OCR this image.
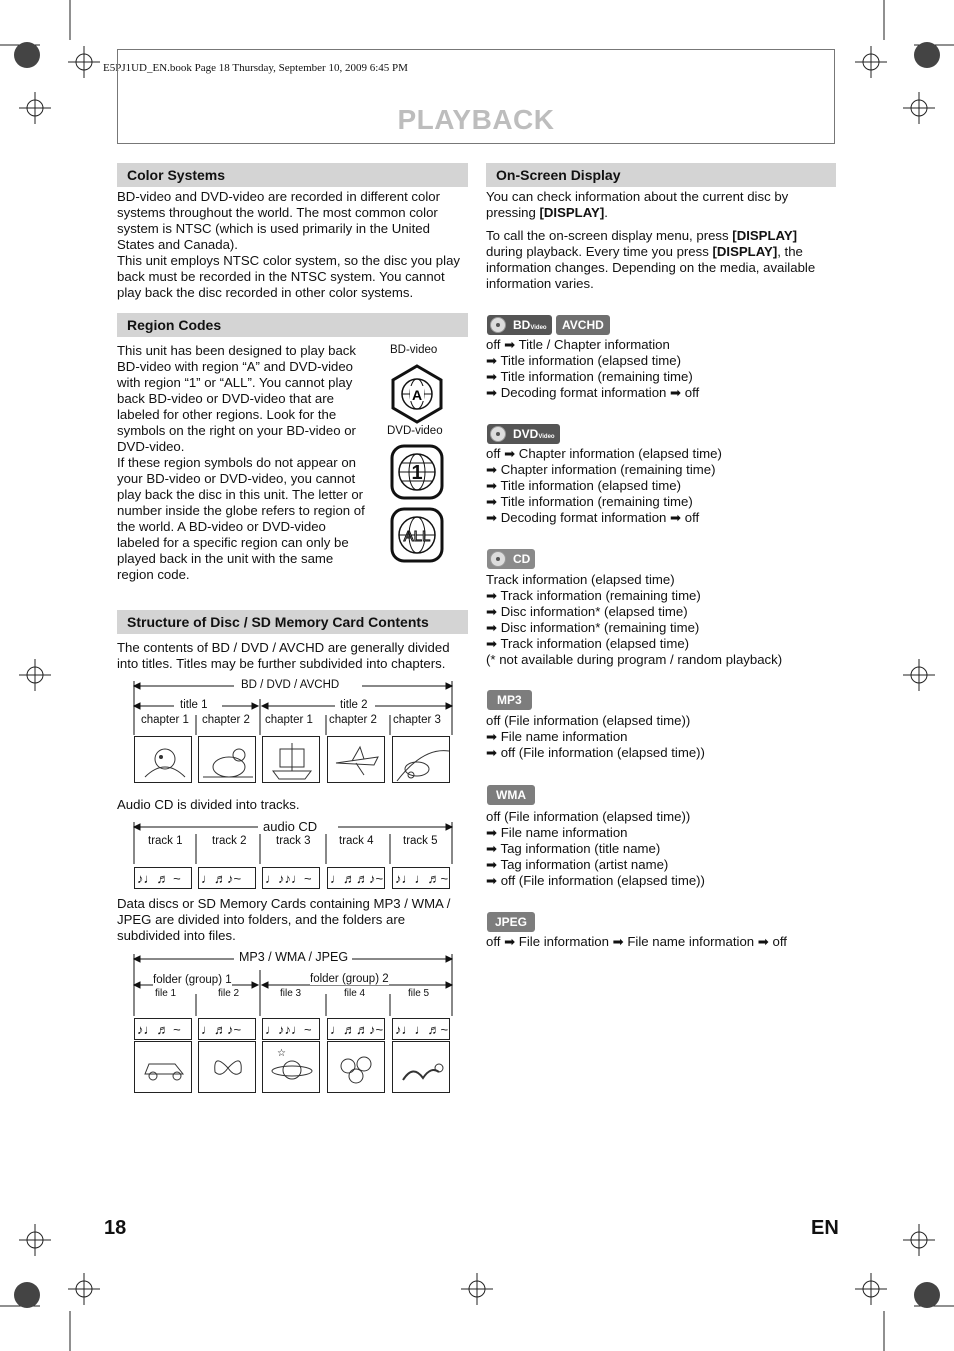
E5PJ1UD_EN.book Page 18 Thursday, September 10, 2009 6:45 PM
PLAYBACK
Color Systems

BD-video and DVD-video are recorded in different color systems throughout the world. The most common color system is NTSC (which is used primarily in the United States and Canada).

This unit employs NTSC color system, so the disc you play back must be recorded in the NTSC system. You cannot play back the disc recorded in other color systems.

Region Codes

This unit has been designed to play back BD-video with region “A” and DVD-video with region “1” or “ALL”. You cannot play back BD-video or DVD-video that are labeled for other regions. Look for the symbols on the right on your BD-video or DVD-video.

If these region symbols do not appear on your BD-video or DVD-video, you cannot play back the disc in this unit. The letter or number inside the globe refers to region of the world. A BD-video or DVD-video labeled for a specific region can only be played back in the unit with the same region code.

BD-video
A
DVD-video
1
ALL
Structure of Disc / SD Memory Card Contents
The contents of BD / DVD / AVCHD are generally divided into titles. Titles may be further subdivided into chapters.
BD / DVD / AVCHD
title 1	title 2
chapter 1 chapter 2 chapter 1 chapter 2 chapter 3
Audio CD is divided into tracks.
audio CD
track 1	track 2	track 3 track 4	track 5
♪♩♬ ~	♩♬♪~	♩♪♪♩~	♩♬♬♪~ ♪♩♩♬~
Data discs or SD Memory Cards containing MP3 / WMA / JPEG are divided into folders, and the folders are subdivided into files.
MP3 / WMA / JPEG
folder (group) 1	folder (group) 2
file 1	file 2	file 3	file 4	file 5
♪♩♬ ~	♩♬♪~	♩♪♪♩~	♩♬♬♪~ ♪♩♩♬~
☆
On-Screen Display

You can check information about the current disc by pressing [DISPLAY].

To call the on-screen display menu, press [DISPLAY] during playback. Every time you press [DISPLAY], the information changes. Depending on the media, available information varies.

BDVideo AVCHD

off ➡ Title / Chapter information

➡ Title information (elapsed time)

➡ Title information (remaining time)

➡ Decoding format information ➡ off

DVDVideo

off ➡ Chapter information (elapsed time)

➡ Chapter information (remaining time)

➡ Title information (elapsed time)

➡ Title information (remaining time)

➡ Decoding format information ➡ off

CD

Track information (elapsed time)

➡ Track information (remaining time)

➡ Disc information* (elapsed time)

➡ Disc information* (remaining time)

➡ Track information (elapsed time)

(* not available during program / random playback)

MP3

off (File information (elapsed time))

➡ File name information

➡ off (File information (elapsed time))

WMA

off (File information (elapsed time))

➡ File name information

➡ Tag information (title name)

➡ Tag information (artist name)

➡ off (File information (elapsed time))

JPEG
off ➡ File information ➡ File name information ➡ off
18	EN
